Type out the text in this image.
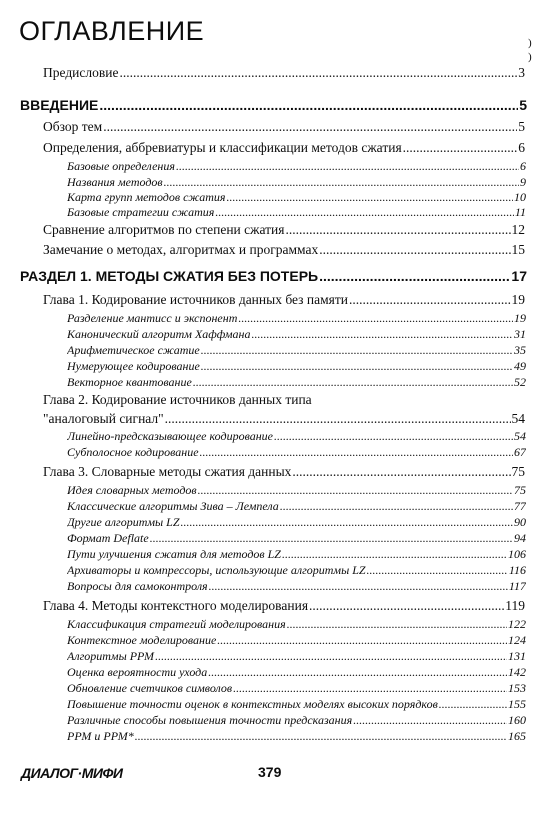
ОГЛАВЛЕНИЕ	)
)
Предисловие .....	3
ВВЕДЕНИЕ .....	5
Обзор тем .....	5
Определения, аббревиатуры и классификации методов сжатия .....	6
Базовые определения .....	6
Названия методов .....	9
Карта групп методов сжатия .....	10
Базовые стратегии сжатия .....	11
Сравнение алгоритмов по степени сжатия .....	12
Замечание о методах, алгоритмах и программах .....	15
РАЗДЕЛ 1. МЕТОДЫ СЖАТИЯ БЕЗ ПОТЕРЬ .....	17
Глава 1. Кодирование источников данных без памяти .....	19
Разделение мантисс и экспонент .....	19
Канонический алгоритм Хаффмана .....	31
Арифметическое сжатие .....	35
Нумерующее кодирование .....	49
Векторное квантование .....	52
Глава 2. Кодирование источников данных типа
"аналоговый сигнал" .....	54
Линейно-предсказывающее кодирование .....	54
Субполосное кодирование .....	67
Глава 3. Словарные методы сжатия данных .....	75
Идея словарных методов .....	75
Классические алгоритмы Зива – Лемпела .....	77
Другие алгоритмы LZ .....	90
Формат Deflate .....	94
Пути улучшения сжатия для методов LZ .....	106
Архиваторы и компрессоры, использующие алгоритмы LZ .....	116
Вопросы для самоконтроля .....	117
Глава 4. Методы контекстного моделирования .....	119
Классификация стратегий моделирования .....	122
Контекстное моделирование .....	124
Алгоритмы РРМ .....	131
Оценка вероятности ухода .....	142
Обновление счетчиков символов .....	153
Повышение точности оценок в контекстных моделях высоких порядков .....	155
Различные способы повышения точности предсказания .....	160
РРМ и РРМ* .....	165
ДИАЛОГ·МИФИ	379
